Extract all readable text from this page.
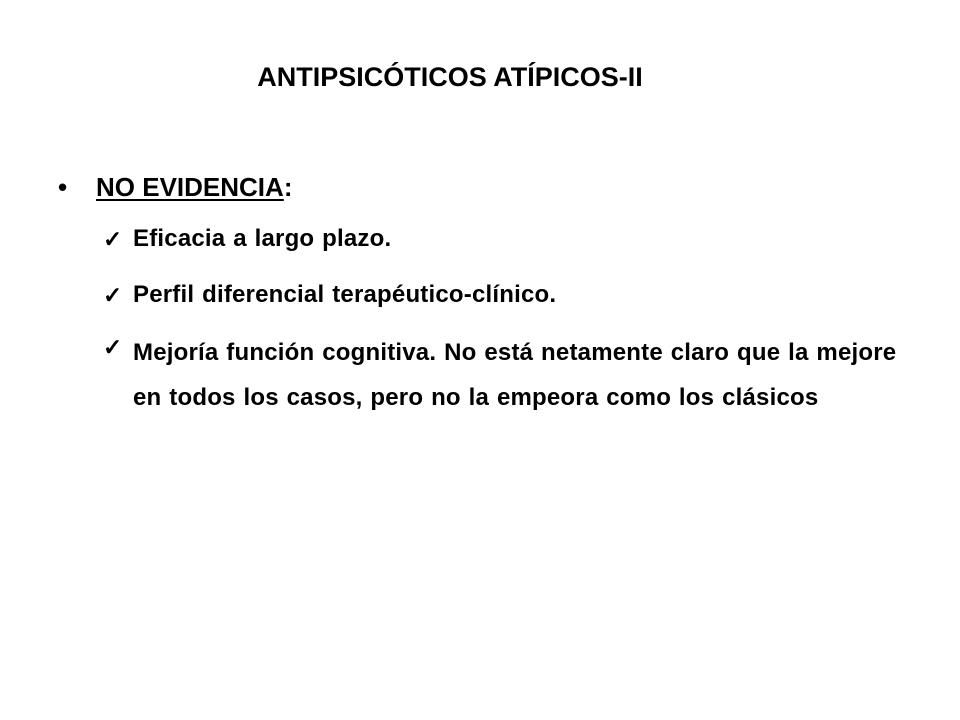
ANTIPSICÓTICOS ATÍPICOS-II
•	NO EVIDENCIA :
✓ Eficacia a largo plazo.
✓ Perfil diferencial terapéutico-clínico.
✓ Mejoría función cognitiva. No está netamente claro que la mejore en todos los casos, pero no la empeora como los clásicos
